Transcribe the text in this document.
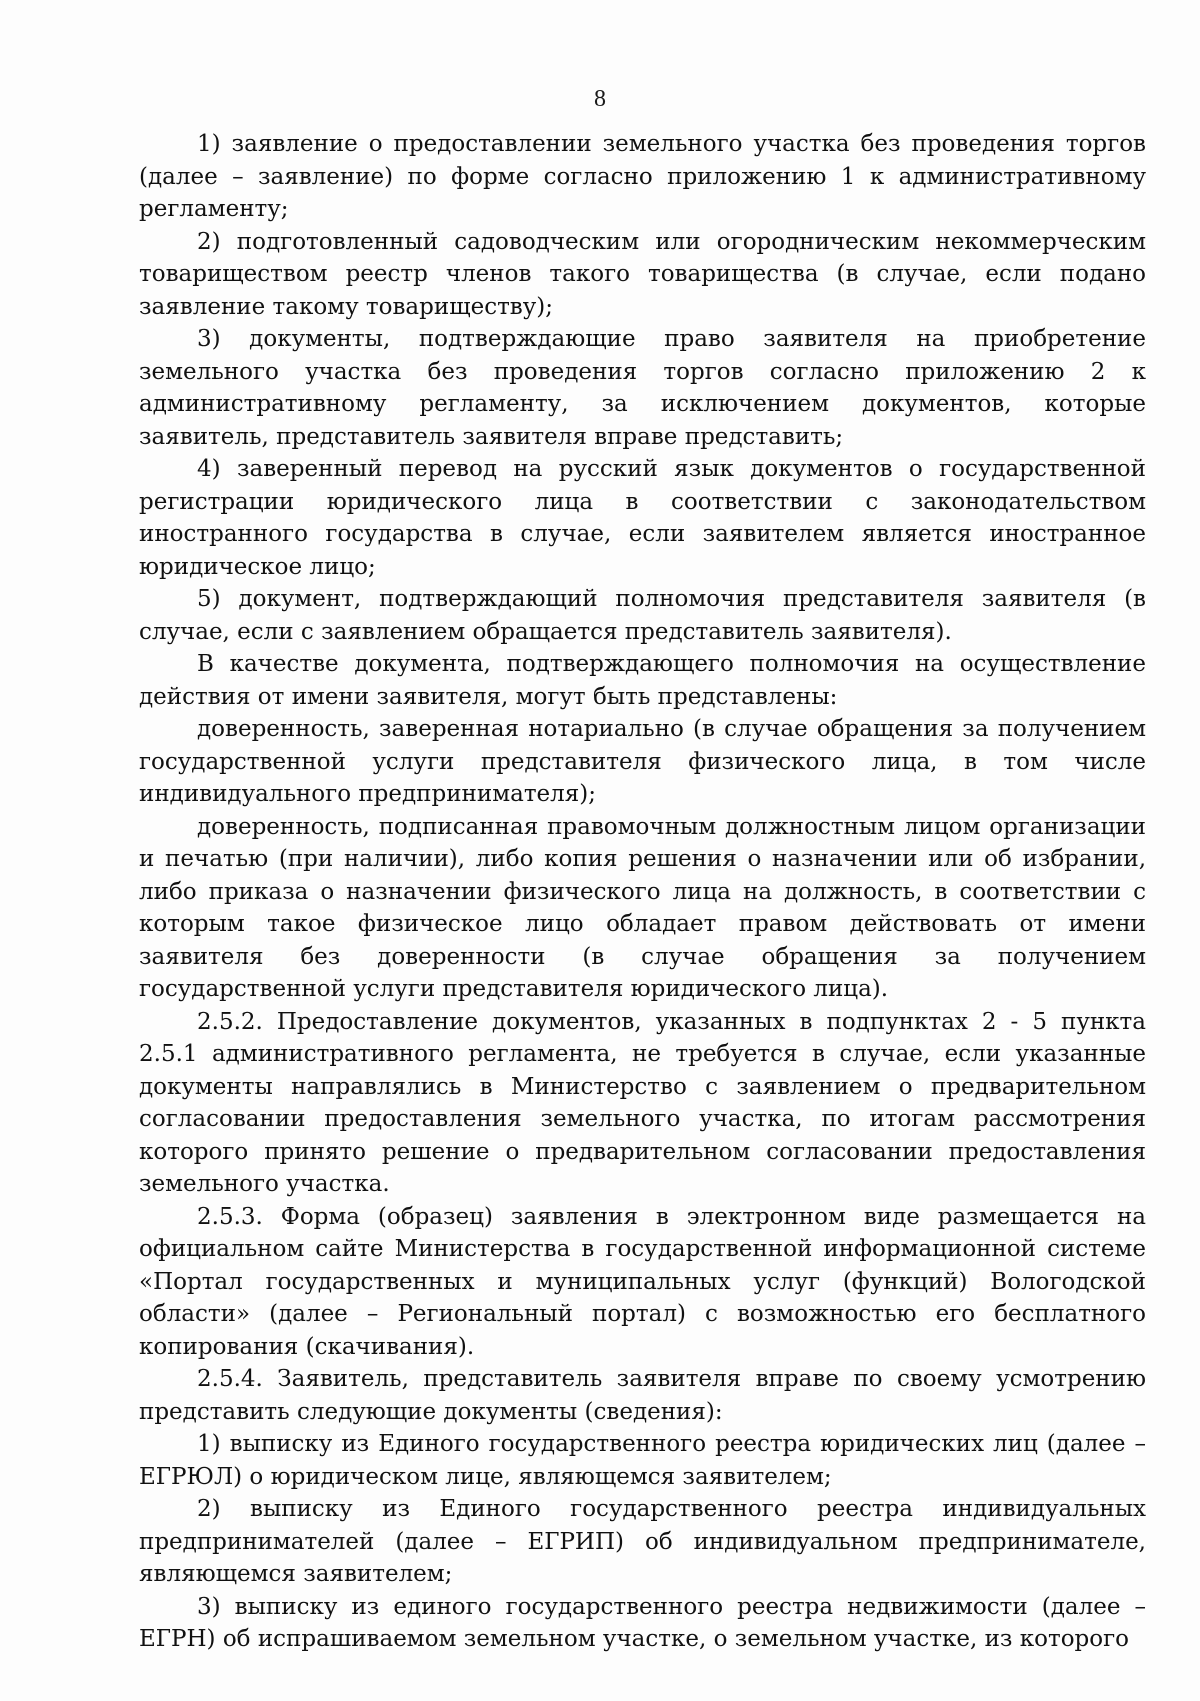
8

1) заявление о предоставлении земельного участка без проведения торгов (далее – заявление) по форме согласно приложению 1 к административному регламенту;

2) подготовленный садоводческим или огородническим некоммерческим товариществом реестр членов такого товарищества (в случае, если подано заявление такому товариществу);

3) документы, подтверждающие право заявителя на приобретение земельного участка без проведения торгов согласно приложению 2 к административному регламенту, за исключением документов, которые заявитель, представитель заявителя вправе представить;

4) заверенный перевод на русский язык документов о государственной регистрации юридического лица в соответствии с законодательством иностранного государства в случае, если заявителем является иностранное юридическое лицо;

5) документ, подтверждающий полномочия представителя заявителя (в случае, если с заявлением обращается представитель заявителя).

В качестве документа, подтверждающего полномочия на осуществление действия от имени заявителя, могут быть представлены:

доверенность, заверенная нотариально (в случае обращения за получением государственной услуги представителя физического лица, в том числе индивидуального предпринимателя);

доверенность, подписанная правомочным должностным лицом организации и печатью (при наличии), либо копия решения о назначении или об избрании, либо приказа о назначении физического лица на должность, в соответствии с которым такое физическое лицо обладает правом действовать от имени заявителя без доверенности (в случае обращения за получением государственной услуги представителя юридического лица).

2.5.2. Предоставление документов, указанных в подпунктах 2 - 5 пункта 2.5.1 административного регламента, не требуется в случае, если указанные документы направлялись в Министерство с заявлением о предварительном согласовании предоставления земельного участка, по итогам рассмотрения которого принято решение о предварительном согласовании предоставления земельного участка.

2.5.3. Форма (образец) заявления в электронном виде размещается на официальном сайте Министерства в государственной информационной системе «Портал государственных и муниципальных услуг (функций) Вологодской области» (далее – Региональный портал) с возможностью его бесплатного копирования (скачивания).

2.5.4. Заявитель, представитель заявителя вправе по своему усмотрению представить следующие документы (сведения):

1) выписку из Единого государственного реестра юридических лиц (далее – ЕГРЮЛ) о юридическом лице, являющемся заявителем;

2) выписку из Единого государственного реестра индивидуальных предпринимателей (далее – ЕГРИП) об индивидуальном предпринимателе, являющемся заявителем;

3) выписку из единого государственного реестра недвижимости (далее – ЕГРН) об испрашиваемом земельном участке, о земельном участке, из которого
